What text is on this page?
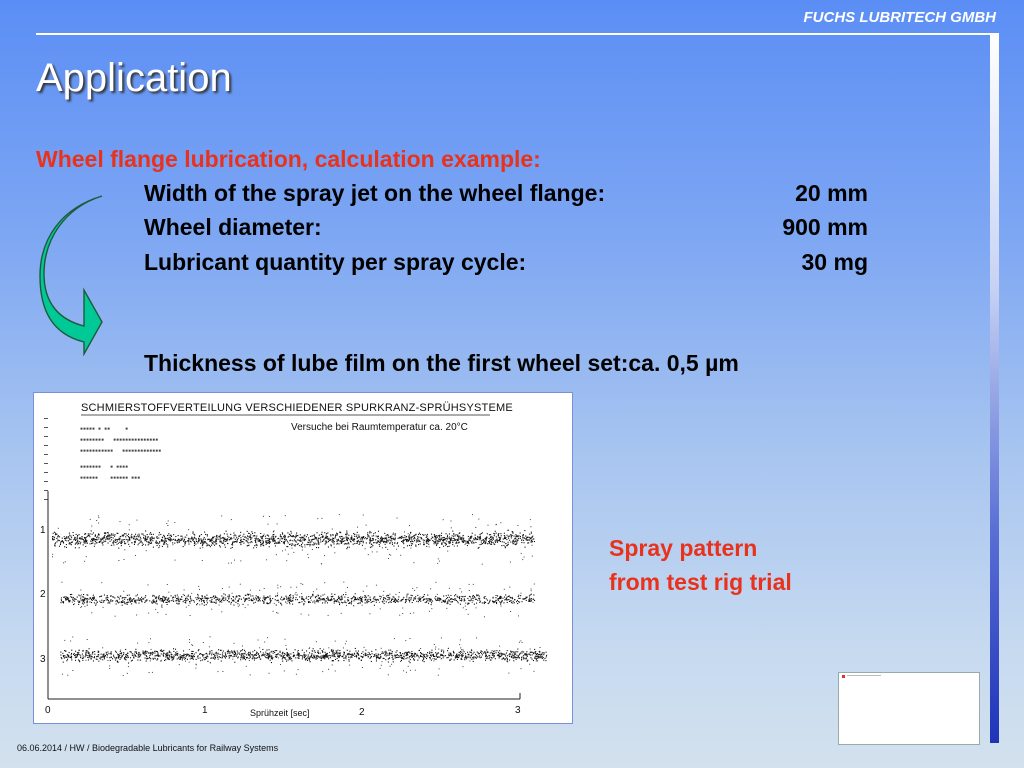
FUCHS LUBRITECH GMBH
Application
Wheel flange lubrication, calculation example:
Width of the spray jet on the wheel flange:	20 mm
Wheel diameter:	900 mm
Lubricant quantity per spray cycle:	30 mg
Thickness of lube film on the first wheel set:ca. 0,5 µm
SCHMIERSTOFFVERTEILUNG VERSCHIEDENER SPURKRANZ-SPRÜHSYSTEME
Versuche bei Raumtemperatur ca. 20°C
▪▪▪▪▪ ▪ ▪▪     ▪
▪▪▪▪▪▪▪▪   ▪▪▪▪▪▪▪▪▪▪▪▪▪▪▪
▪▪▪▪▪▪▪▪▪▪▪   ▪▪▪▪▪▪▪▪▪▪▪▪▪
▪▪▪▪▪▪▪   ▪ ▪▪▪▪
▪▪▪▪▪▪    ▪▪▪▪▪▪ ▪▪▪
1
2
3
0	1	2	3
Sprühzeit [sec]
Spray pattern
from test rig trial
06.06.2014 / HW / Biodegradable Lubricants for Railway Systems
